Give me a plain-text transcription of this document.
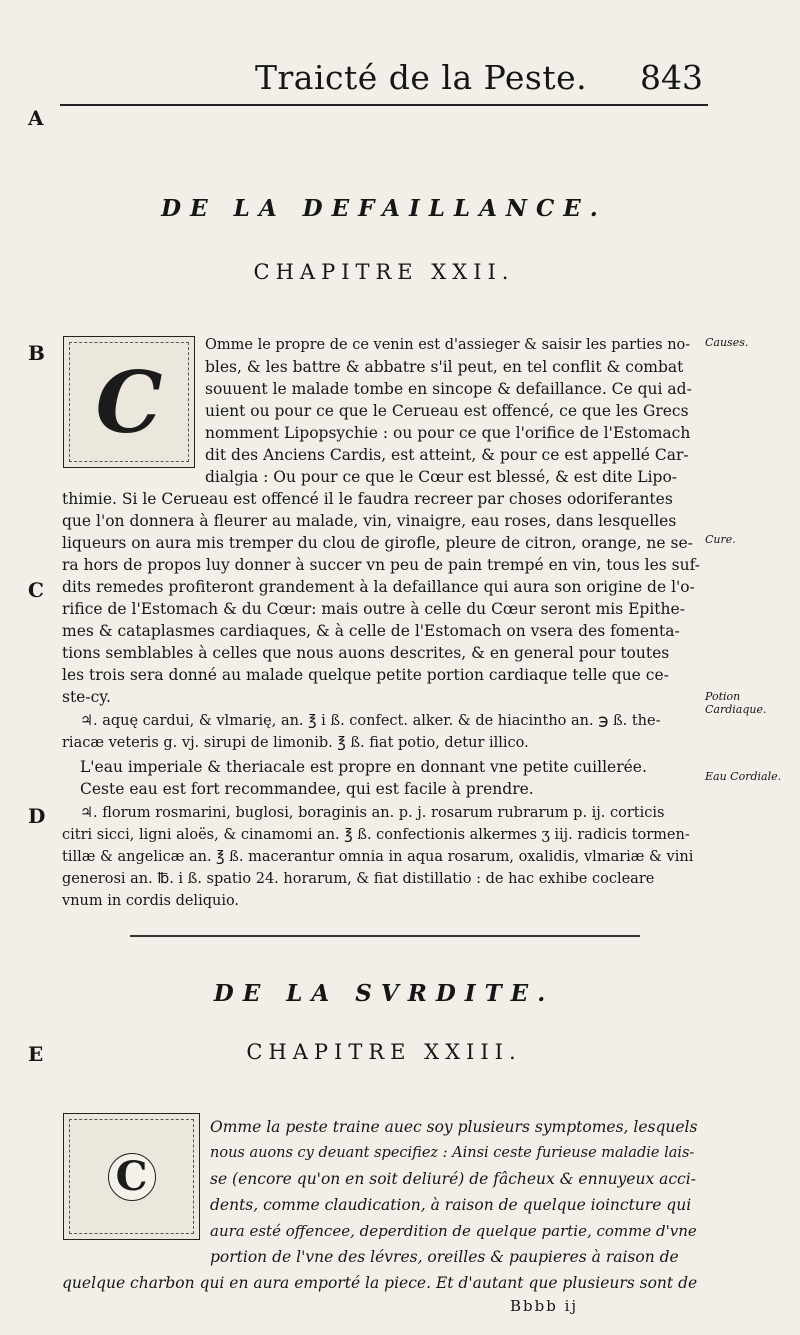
Traicté de la Peste. 843
A
B
C
D
E
DE LA DEFAILLANCE.
CHAPITRE XXII.
C
Omme le propre de ce venin est d'assieger & saisir les parties no-
bles, & les battre & abbatre s'il peut, en tel conflit & combat
souuent le malade tombe en sincope & defaillance. Ce qui ad-
uient ou pour ce que le Cerueau est offencé, ce que les Grecs
nomment Lipopsychie : ou pour ce que l'orifice de l'Estomach
dit des Anciens Cardis, est atteint, & pour ce est appellé Car-
dialgia : Ou pour ce que le Cœur est blessé, & est dite Lipo-
thimie. Si le Cerueau est offencé il le faudra recreer par choses odoriferantes
que l'on donnera à fleurer au malade, vin, vinaigre, eau roses, dans lesquelles
liqueurs on aura mis tremper du clou de girofle, pleure de citron, orange, ne se-
ra hors de propos luy donner à succer vn peu de pain trempé en vin, tous les suf-
dits remedes profiteront grandement à la defaillance qui aura son origine de l'o-
rifice de l'Estomach & du Cœur: mais outre à celle du Cœur seront mis Epithe-
mes & cataplasmes cardiaques, & à celle de l'Estomach on vsera des fomenta-
tions semblables à celles que nous auons descrites, & en general pour toutes
les trois sera donné au malade quelque petite portion cardiaque telle que ce-
ste-cy.
♃. aquę cardui, & vlmarię, an. ℥ i ß. confect. alker. & de hiacintho an. ℈ ß. the-
riacæ veteris g. vj. sirupi de limonib. ℥ ß. fiat potio, detur illico.
L'eau imperiale & theriacale est propre en donnant vne petite cuillerée.
Ceste eau est fort recommandee, qui est facile à prendre.
♃. florum rosmarini, buglosi, boraginis an. p. j. rosarum rubrarum p. ij. corticis
citri sicci, ligni aloës, & cinamomi an. ℥ ß. confectionis alkermes ʒ iij. radicis tormen-
tillæ & angelicæ an. ℥ ß. macerantur omnia in aqua rosarum, oxalidis, vlmariæ & vini
generosi an. ℔. i ß. spatio 24. horarum, & fiat distillatio : de hac exhibe cocleare
vnum in cordis deliquio.
Causes.
Cure.
Potion Cardiaque.
Eau Cordiale.
DE LA SVRDITE.
CHAPITRE XXIII.
C
Omme la peste traine auec soy plusieurs symptomes, lesquels
nous auons cy deuant specifiez : Ainsi ceste furieuse maladie lais-
se (encore qu'on en soit deliuré) de fâcheux & ennuyeux acci-
dents, comme claudication, à raison de quelque ioincture qui
aura esté offencee, deperdition de quelque partie, comme d'vne
portion de l'vne des lévres, oreilles & paupieres à raison de
quelque charbon qui en aura emporté la piece. Et d'autant que plusieurs sont de
Bbbb ij
